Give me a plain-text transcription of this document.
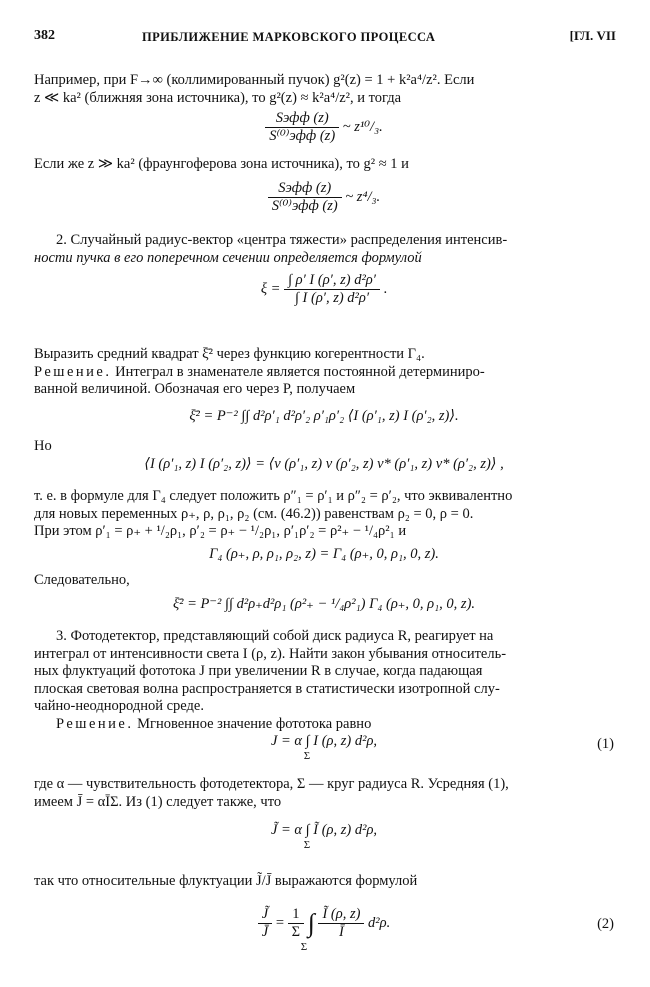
382	ПРИБЛИЖЕНИЕ МАРКОВСКОГО ПРОЦЕССА	[ГЛ. VII
Например, при F→∞ (коллимированный пучок) g²(z) = 1 + k²a⁴/z². Если
z ≪ ka² (ближняя зона источника), то g²(z) ≈ k²a⁴/z², и тогда
$\frac{\text{Sэфф (z)}}{\text{S⁽⁰⁾эфф (z)}}$ ~ z¹⁰/₃.
Если же z ≫ ka² (фраунгоферова зона источника), то g² ≈ 1 и
$\frac{\text{Sэфф (z)}}{\text{S⁽⁰⁾эфф (z)}}$ ~ z⁴/₃.
2. Случайный радиус-вектор «центра тяжести» распределения интенсив-
ности пучка в его поперечном сечении определяется формулой
$\xi = \frac{\text{∫ ρ′ I (ρ′, z) d²ρ′}}{\text{∫ I (ρ′, z) d²ρ′}}$ .
Выразить средний квадрат ξ̄² через функцию когерентности Γ₄.
Решение. Интеграл в знаменателе является постоянной детерминиро-
ванной величиной. Обозначая его через P, получаем
ξ̄² = P⁻² ∫∫ d²ρ′₁ d²ρ′₂ ρ′₁ρ′₂ ⟨I (ρ′₁, z) I (ρ′₂, z)⟩.
Но
⟨I (ρ′₁, z) I (ρ′₂, z)⟩ = ⟨v (ρ′₁, z) v (ρ′₂, z) v* (ρ′₁, z) v* (ρ′₂, z)⟩ ,
т. е. в формуле для Γ₄ следует положить ρ″₁ = ρ′₁ и ρ″₂ = ρ′₂, что эквивалентно
для новых переменных ρ₊, ρ, ρ₁, ρ₂ (см. (46.2)) равенствам ρ₂ = 0, ρ = 0.
При этом ρ′₁ = ρ₊ + ¹/₂ρ₁, ρ′₂ = ρ₊ − ¹/₂ρ₁, ρ′₁ρ′₂ = ρ²₊ − ¹/₄ρ²₁ и
Γ₄ (ρ₊, ρ, ρ₁, ρ₂, z) = Γ₄ (ρ₊, 0, ρ₁, 0, z).
Следовательно,
ξ̄² = P⁻² ∫∫ d²ρ₊d²ρ₁ (ρ²₊ − ¹/₄ρ²₁) Γ₄ (ρ₊, 0, ρ₁, 0, z).
3. Фотодетектор, представляющий собой диск радиуса R, реагирует на
интеграл от интенсивности света I (ρ, z). Найти закон убывания относитель-
ных флуктуаций фототока J при увеличении R в случае, когда падающая
плоская световая волна распространяется в статистически изотропной слу-
чайно-неоднородной среде.
Решение. Мгновенное значение фототока равно
J = α ∫ I (ρ, z) d²ρ,
Σ
(1)
где α — чувствительность фотодетектора, Σ — круг радиуса R. Усредняя (1),
имеем J̄ = αĪΣ. Из (1) следует также, что
J̃ = α ∫ Ĩ (ρ, z) d²ρ,
Σ
так что относительные флуктуации J̃/J̄ выражаются формулой
$\frac{J̃}{J̄} = \frac{1}{\Sigma}$ ∫ $\frac{Ĩ (\rho, z)}{Ī} d^2\rho$.
Σ
(2)
